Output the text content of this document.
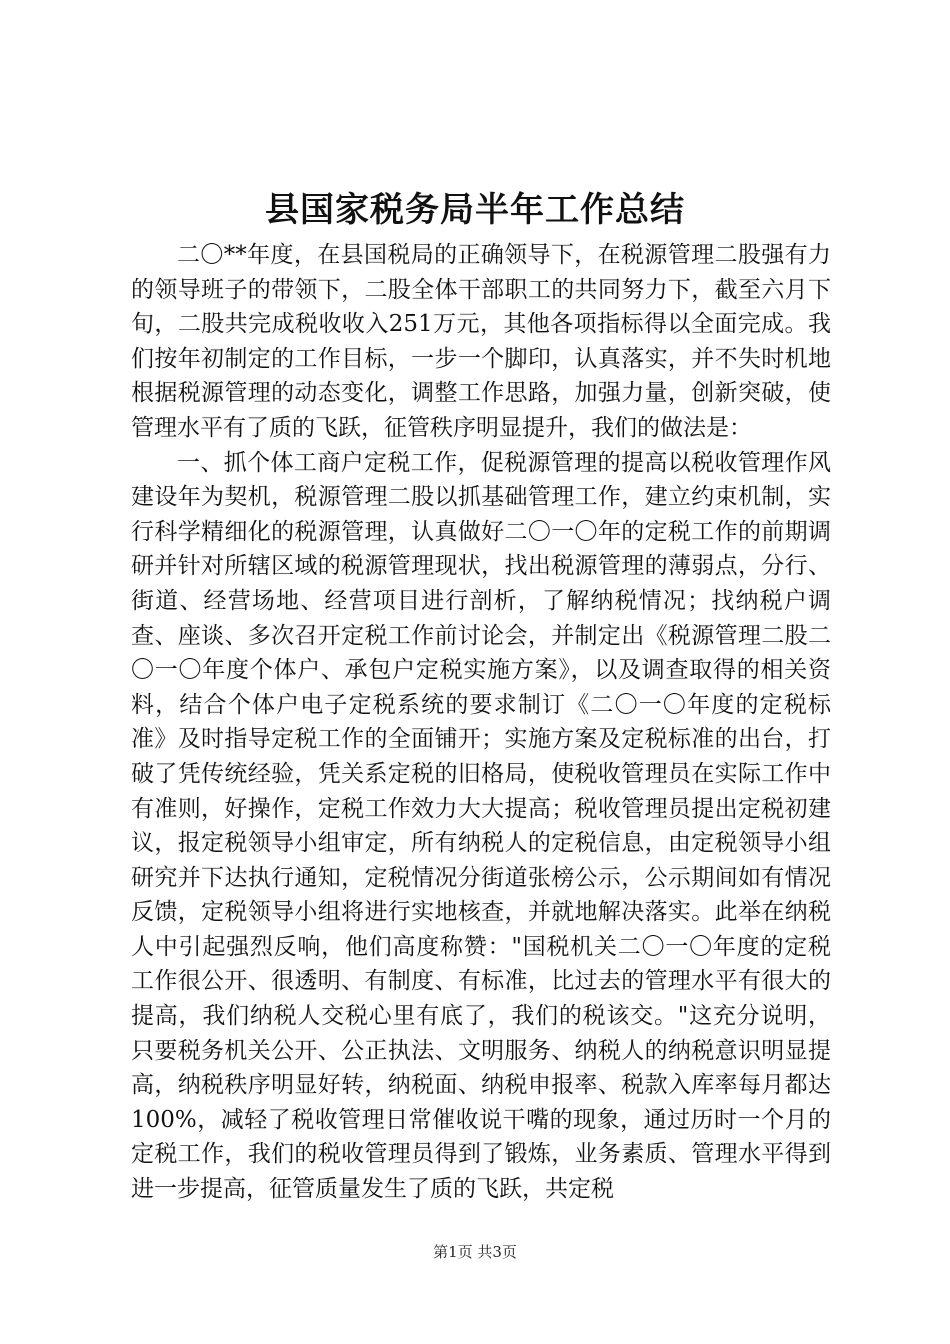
县国家税务局半年工作总结

二〇**年度，在县国税局的正确领导下，在税源管理二股强有力的领导班子的带领下，二股全体干部职工的共同努力下，截至六月下旬，二股共完成税收收入251万元，其他各项指标得以全面完成。我们按年初制定的工作目标，一步一个脚印，认真落实，并不失时机地根据税源管理的动态变化，调整工作思路，加强力量，创新突破，使管理水平有了质的飞跃，征管秩序明显提升，我们的做法是：

一、抓个体工商户定税工作，促税源管理的提高以税收管理作风建设年为契机，税源管理二股以抓基础管理工作，建立约束机制，实行科学精细化的税源管理，认真做好二〇一〇年的定税工作的前期调研并针对所辖区域的税源管理现状，找出税源管理的薄弱点，分行、街道、经营场地、经营项目进行剖析，了解纳税情况；找纳税户调查、座谈、多次召开定税工作前讨论会，并制定出《税源管理二股二〇一〇年度个体户、承包户定税实施方案》，以及调查取得的相关资料，结合个体户电子定税系统的要求制订《二〇一〇年度的定税标准》及时指导定税工作的全面铺开；实施方案及定税标准的出台，打破了凭传统经验，凭关系定税的旧格局，使税收管理员在实际工作中有准则，好操作，定税工作效力大大提高；税收管理员提出定税初建议，报定税领导小组审定，所有纳税人的定税信息，由定税领导小组研究并下达执行通知，定税情况分街道张榜公示，公示期间如有情况反馈，定税领导小组将进行实地核查，并就地解决落实。此举在纳税人中引起强烈反响，他们高度称赞："国税机关二〇一〇年度的定税工作很公开、很透明、有制度、有标准，比过去的管理水平有很大的提高，我们纳税人交税心里有底了，我们的税该交。"这充分说明，只要税务机关公开、公正执法、文明服务、纳税人的纳税意识明显提高，纳税秩序明显好转，纳税面、纳税申报率、税款入库率每月都达100%，减轻了税收管理日常催收说干嘴的现象，通过历时一个月的定税工作，我们的税收管理员得到了锻炼，业务素质、管理水平得到进一步提高，征管质量发生了质的飞跃，共定税

第1页 共3页
